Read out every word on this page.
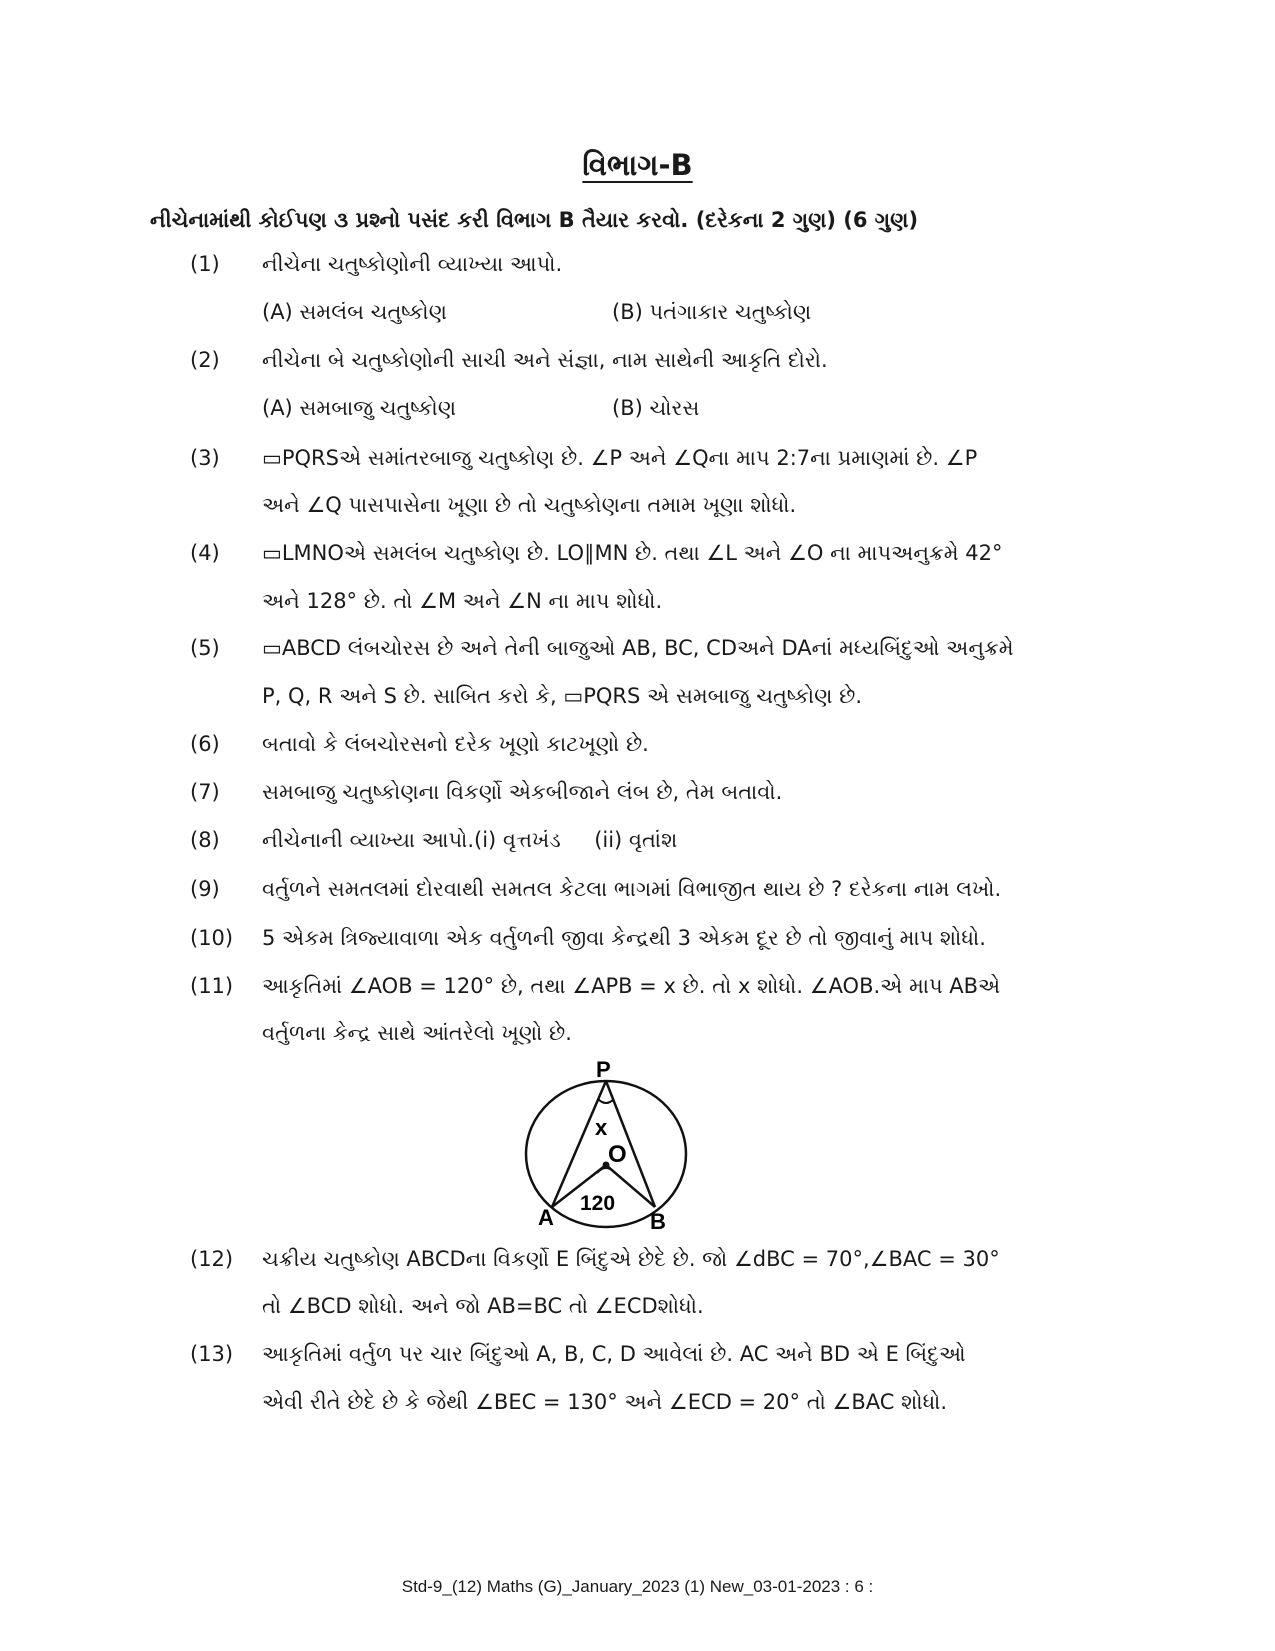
વિભાગ-B
નીચેનામાંથી કોઈપણ ૩ પ્રશ્નો પસંદ કરી વિભાગ B તૈયાર કરવો. (દરેકના 2 ગુણ) (6 ગુણ)
(1) નીચેના ચતુષ્કોણોની વ્યાખ્યા આપો.
(A) સમલંબ ચતુષ્કોણ	(B) પતંગાકાર ચતુષ્કોણ
(2) નીચેના બે ચતુષ્કોણોની સાચી અને સંજ્ઞા, નામ સાથેની આકૃતિ દોરો.
(A) સમબાજુ ચતુષ્કોણ	(B) ચોરસ
(3) ▭PQRSએ સમાંતરબાજુ ચતુષ્કોણ છે. ∠P અને ∠Qના માપ 2:7ના પ્રમાણમાં છે. ∠P
અને ∠Q પાસપાસેના ખૂણા છે તો ચતુષ્કોણના તમામ ખૂણા શોધો.
(4) ▭LMNOએ સમલંબ ચતુષ્કોણ છે. LO∥MN છે. તથા ∠L અને ∠O ના માપઅનુક્રમે 42°
અને 128° છે. તો ∠M અને ∠N ના માપ શોધો.
(5) ▭ABCD લંબચોરસ છે અને તેની બાજુઓ AB, BC, CDઅને DAનાં મધ્યબિંદુઓ અનુક્રમે
P, Q, R અને S છે. સાબિત કરો કે, ▭PQRS એ સમબાજુ ચતુષ્કોણ છે.
(6) બતાવો કે લંબચોરસનો દરેક ખૂણો કાટખૂણો છે.
(7) સમબાજુ ચતુષ્કોણના વિકર્ણો એકબીજાને લંબ છે, તેમ બતાવો.
(8) નીચેનાની વ્યાખ્યા આપો.(i) વૃત્તખંડ     (ii) વૃતાંશ
(9) વર્તુળને સમતલમાં દોરવાથી સમતલ કેટલા ભાગમાં વિભાજીત થાય છે ? દરેકના નામ લખો.
(10) 5 એકમ ત્રિજ્યાવાળા એક વર્તુળની જીવા કેન્દ્રથી 3 એકમ દૂર છે તો જીવાનું માપ શોધો.
(11) આકૃતિમાં ∠AOB = 120° છે, તથા ∠APB = x છે. તો x શોધો. ∠AOB.એ માપ ABએ
વર્તુળના કેન્દ્ર સાથે આંતરેલો ખૂણો છે.
P
x
O
120
A	B
(12) ચક્રીય ચતુષ્કોણ ABCDના વિકર્ણો E બિંદુએ છેદે છે. જો ∠dBC = 70°,∠BAC = 30°
તો ∠BCD શોધો. અને જો AB=BC તો ∠ECDશોધો.
(13) આકૃતિમાં વર્તુળ પર ચાર બિંદુઓ A, B, C, D આવેલાં છે. AC અને BD એ E બિંદુઓ
એવી રીતે છેદે છે કે જેથી ∠BEC = 130° અને ∠ECD = 20° તો ∠BAC શોધો.
Std-9_(12) Maths (G)_January_2023 (1) New_03-01-2023 : 6 :
